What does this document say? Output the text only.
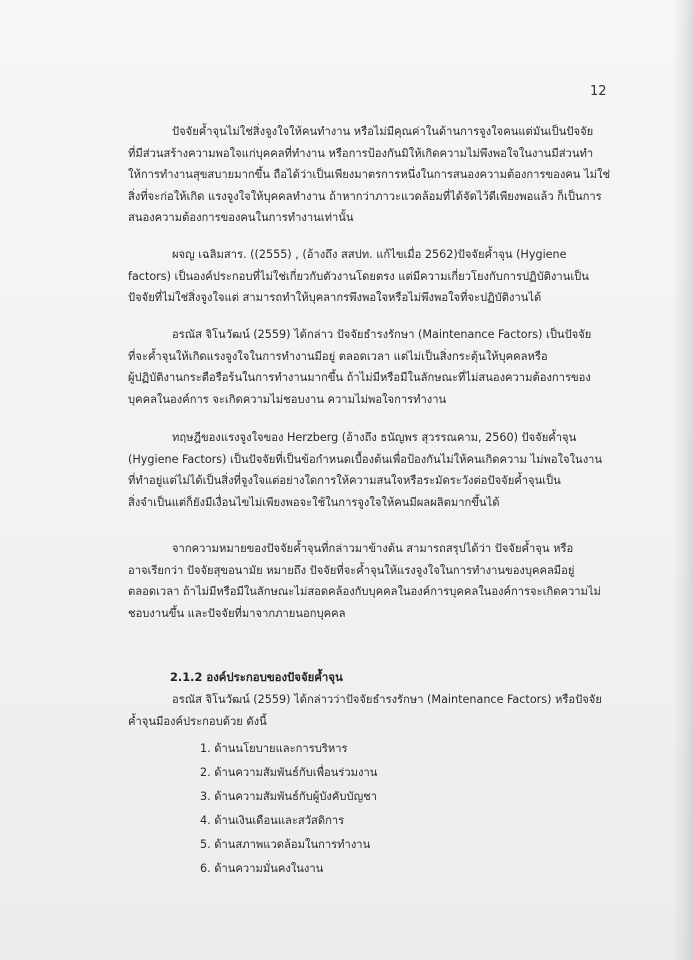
12

ปัจจัยค้ำจุนไม่ใช่สิ่งจูงใจให้คนทำงาน หรือไม่มีคุณค่าในด้านการจูงใจคนแต่มันเป็นปัจจัย
ที่มีส่วนสร้างความพอใจแก่บุคคลที่ทำงาน หรือการป้องกันมิให้เกิดความไม่พึงพอใจในงานมีส่วนทำ
ให้การทำงานสุขสบายมากขึ้น ถือได้ว่าเป็นเพียงมาตรการหนึ่งในการสนองความต้องการของคน ไม่ใช่
สิ่งที่จะก่อให้เกิด แรงจูงใจให้บุคคลทำงาน ถ้าหากว่าภาวะแวดล้อมที่ได้จัดไว้ดีเพียงพอแล้ว ก็เป็นการ
สนองความต้องการของคนในการทำงานเท่านั้น

ผจญ เฉลิมสาร. ((2555) , (อ้างถึง สสปท. แก้ไขเมื่อ 2562)ปัจจัยค้ำจุน (Hygiene
factors) เป็นองค์ประกอบที่ไม่ใช่เกี่ยวกับตัวงานโดยตรง แต่มีความเกี่ยวโยงกับการปฏิบัติงานเป็น
ปัจจัยที่ไม่ใช่สิ่งจูงใจแต่ สามารถทำให้บุคลากรพึงพอใจหรือไม่พึงพอใจที่จะปฏิบัติงานได้

อรณัส จิโนวัฒน์ (2559) ได้กล่าว ปัจจัยธำรงรักษา (Maintenance Factors) เป็นปัจจัย
ที่จะค้ำจุนให้เกิดแรงจูงใจในการทำงานมีอยู่ ตลอดเวลา แต่ไม่เป็นสิ่งกระตุ้นให้บุคคลหรือ
ผู้ปฏิบัติงานกระตือรือร้นในการทำงานมากขึ้น ถ้าไม่มีหรือมีในลักษณะที่ไม่สนองความต้องการของ
บุคคลในองค์การ จะเกิดความไม่ชอบงาน ความไม่พอใจการทำงาน

ทฤษฎีของแรงจูงใจของ Herzberg (อ้างถึง ธนัญพร สุวรรณคาม, 2560) ปัจจัยค้ำจุน
(Hygiene Factors) เป็นปัจจัยที่เป็นข้อกำหนดเบื้องต้นเพื่อป้องกันไม่ให้คนเกิดความ ไม่พอใจในงาน
ที่ทำอยู่แต่ไม่ได้เป็นสิ่งที่จูงใจแต่อย่างใดการให้ความสนใจหรือระมัดระวังต่อปัจจัยค้ำจุนเป็น
สิ่งจำเป็นแต่ก็ยังมีเงื่อนไขไม่เพียงพอจะใช้ในการจูงใจให้คนมีผลผลิตมากขึ้นได้

จากความหมายของปัจจัยค้ำจุนที่กล่าวมาข้างต้น สามารถสรุปได้ว่า ปัจจัยค้ำจุน หรือ
อาจเรียกว่า ปัจจัยสุขอนามัย หมายถึง ปัจจัยที่จะค้ำจุนให้แรงจูงใจในการทำงานของบุคคลมีอยู่
ตลอดเวลา ถ้าไม่มีหรือมีในลักษณะไม่สอดคล้องกับบุคคลในองค์การบุคคลในองค์การจะเกิดความไม่
ชอบงานขึ้น และปัจจัยที่มาจากภายนอกบุคคล

2.1.2 องค์ประกอบของปัจจัยค้ำจุน

อรณัส จิโนวัฒน์ (2559) ได้กล่าวว่าปัจจัยธำรงรักษา (Maintenance Factors) หรือปัจจัย
ค้ำจุนมีองค์ประกอบด้วย ดังนี้

1. ด้านนโยบายและการบริหาร
2. ด้านความสัมพันธ์กับเพื่อนร่วมงาน
3. ด้านความสัมพันธ์กับผู้บังคับบัญชา
4. ด้านเงินเดือนและสวัสดิการ
5. ด้านสภาพแวดล้อมในการทำงาน
6. ด้านความมั่นคงในงาน
